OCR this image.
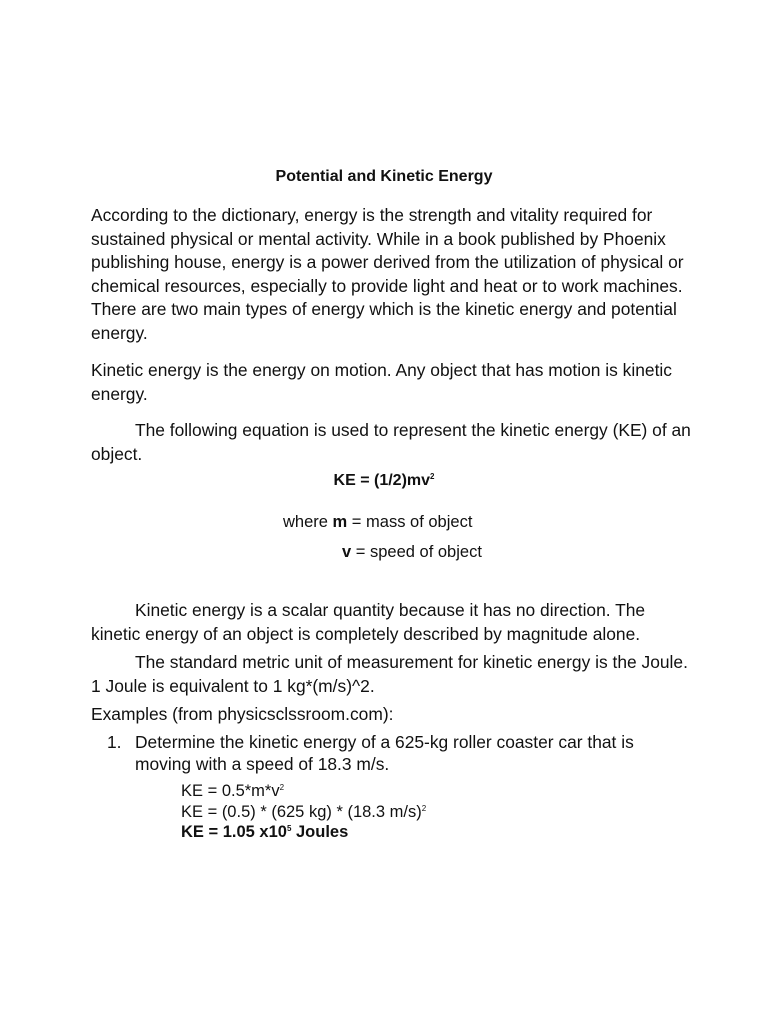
Potential and Kinetic Energy

According to the dictionary, energy is the strength and vitality required for sustained physical or mental activity. While in a book published by Phoenix publishing house, energy is a power derived from the utilization of physical or chemical resources, especially to provide light and heat or to work machines. There are two main types of energy which is the kinetic energy and potential energy.

Kinetic energy is the energy on motion. Any object that has motion is kinetic energy.

The following equation is used to represent the kinetic energy (KE) of an object.

KE = $(1/2)mv^2$
where m = mass of object
v = speed of object

Kinetic energy is a scalar quantity because it has no direction. The kinetic energy of an object is completely described by magnitude alone.

The standard metric unit of measurement for kinetic energy is the Joule. 1 Joule is equivalent to 1 kg*(m/s)^2.

Examples (from physicsclssroom.com):

1. Determine the kinetic energy of a 625-kg roller coaster car that is moving with a speed of 18.3 m/s.
KE = $0.5*m*v^2$
KE = (0.5) * (625 kg) * (18.3 m/s)$^2$
KE = 1.05 $x10^5$ Joules
